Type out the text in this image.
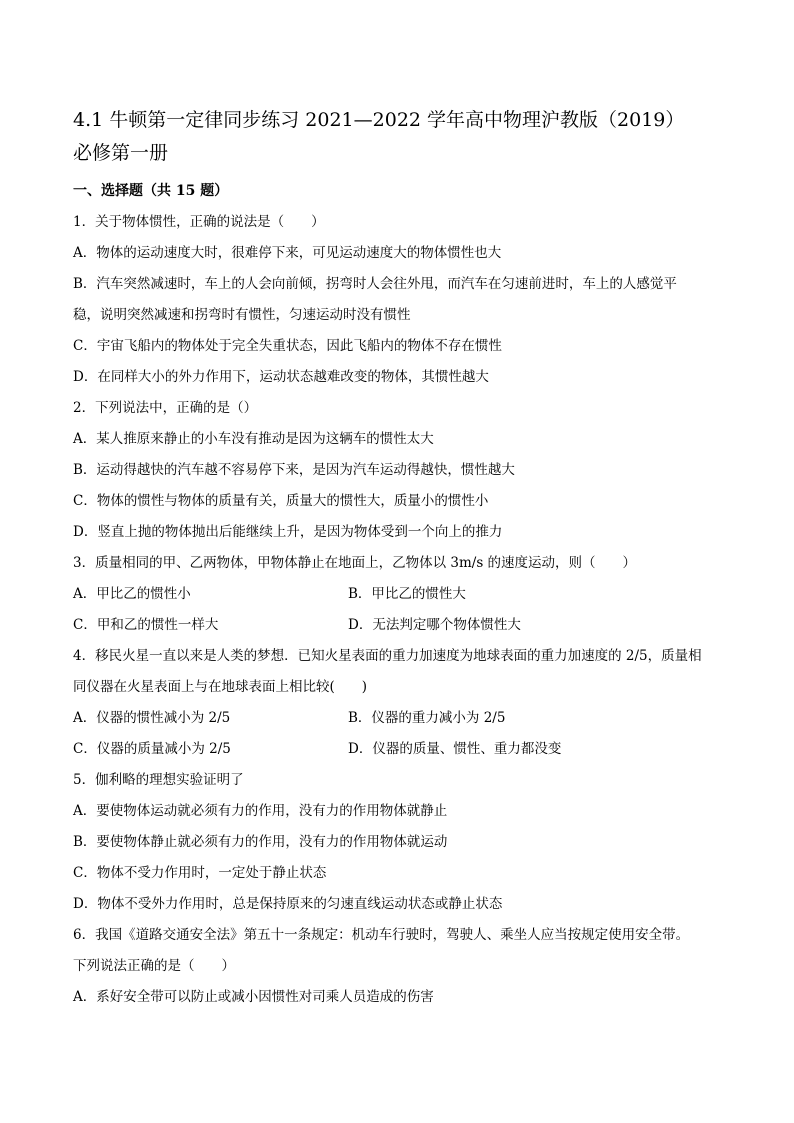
4.1 牛顿第一定律同步练习 2021—2022 学年高中物理沪教版（2019）
必修第一册

一、选择题（共 15 题）

1．关于物体惯性，正确的说法是（　　）

A．物体的运动速度大时，很难停下来，可见运动速度大的物体惯性也大

B．汽车突然减速时，车上的人会向前倾，拐弯时人会往外甩，而汽车在匀速前进时，车上的人感觉平

稳，说明突然减速和拐弯时有惯性，匀速运动时没有惯性

C．宇宙飞船内的物体处于完全失重状态，因此飞船内的物体不存在惯性

D．在同样大小的外力作用下，运动状态越难改变的物体，其惯性越大

2．下列说法中，正确的是（）

A．某人推原来静止的小车没有推动是因为这辆车的惯性太大

B．运动得越快的汽车越不容易停下来，是因为汽车运动得越快，惯性越大

C．物体的惯性与物体的质量有关，质量大的惯性大，质量小的惯性小

D．竖直上抛的物体抛出后能继续上升，是因为物体受到一个向上的推力

3．质量相同的甲、乙两物体，甲物体静止在地面上，乙物体以 3m/s 的速度运动，则（　　）

A．甲比乙的惯性小	B．甲比乙的惯性大

C．甲和乙的惯性一样大	D．无法判定哪个物体惯性大

4．移民火星一直以来是人类的梦想．已知火星表面的重力加速度为地球表面的重力加速度的 2/5，质量相

同仪器在火星表面上与在地球表面上相比较(　　)

A．仪器的惯性减小为 2/5	B．仪器的重力减小为 2/5

C．仪器的质量减小为 2/5	D．仪器的质量、惯性、重力都没变

5．伽利略的理想实验证明了

A．要使物体运动就必须有力的作用，没有力的作用物体就静止

B．要使物体静止就必须有力的作用，没有力的作用物体就运动

C．物体不受力作用时，一定处于静止状态

D．物体不受外力作用时，总是保持原来的匀速直线运动状态或静止状态

6．我国《道路交通安全法》第五十一条规定：机动车行驶时，驾驶人、乘坐人应当按规定使用安全带。

下列说法正确的是（　　）

A．系好安全带可以防止或减小因惯性对司乘人员造成的伤害
